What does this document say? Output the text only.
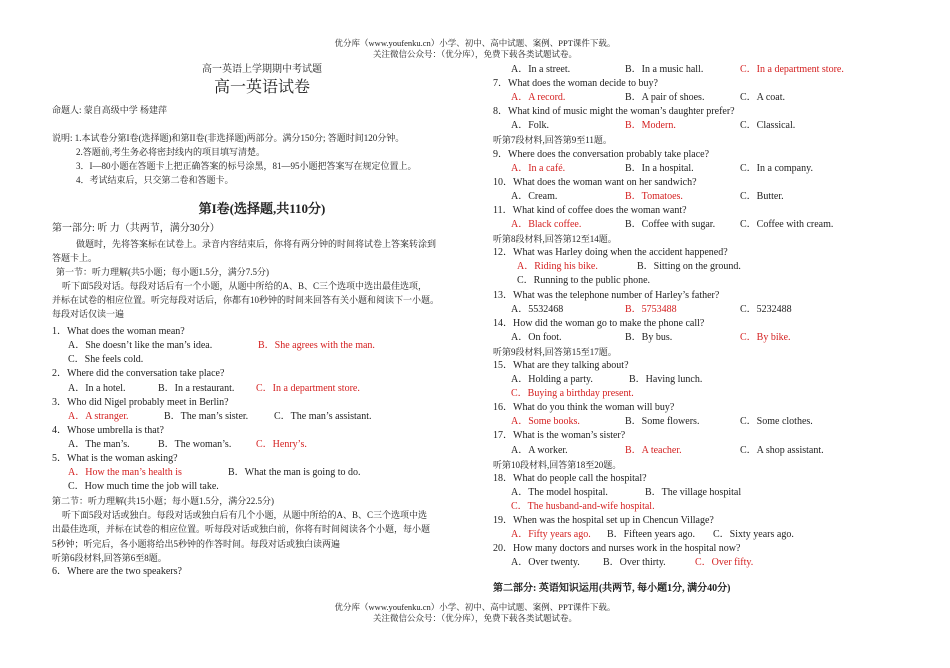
优分库（www.youfenku.cn）小学、初中、高中试题、案例、PPT课件下载。
关注微信公众号：（优分库），免费下载各类试题试卷。
高一英语上学期期中考试题
高一英语试卷
命题人: 蒙自高级中学 杨建萍
说明: 1.本试卷分第I卷(选择题)和第II卷(非选择题)两部分。满分150分; 答题时间120分钟。
2.答题前,考生务必将密封线内的项目填写清楚。
3．I—80小题在答题卡上把正确答案的标号涂黑，81—95小题把答案写在规定位置上。
4．考试结束后，只交第二卷和答题卡。
第I卷(选择题,共110分)
第一部分: 听 力（共两节，满分30分）
做题时，先将答案标在试卷上。录音内容结束后，你将有两分钟的时间将试卷上答案转涂到
答题卡上。
第一节：听力理解(共5小题；每小题1.5分，满分7.5分)
听下面5段对话。每段对话后有一个小题，从题中所给的A、B、C三个选项中选出最佳选项，
并标在试卷的相应位置。听完每段对话后，你都有10秒钟的时间来回答有关小题和阅读下一小题。
每段对话仅读一遍
1．What does the woman mean?
A．She doesn’t like the man’s idea.	B．She agrees with the man.
C．She feels cold.
2．Where did the conversation take place?
A．In a hotel.	B．In a restaurant. C．In a department store.
3．Who did Nigel probably meet in Berlin?
A．A stranger.	B．The man’s sister.	C．The man’s assistant.
4．Whose umbrella is that?
A．The man’s.	B．The woman’s. C．Henry’s.
5．What is the woman asking?
A．How the man’s health is	B．What the man is going to do.
C．How much time the job will take.
第二节：听力理解(共15小题；每小题1.5分，满分22.5分)
听下面5段对话或独白。每段对话或独白后有几个小题，从题中所给的A、B、C三个选项中选
出最佳选项，并标在试卷的相应位置。听每段对话或独白前，你将有时间阅读各个小题，每小题
5秒钟；听完后，各小题将给出5秒钟的作答时间。每段对话或独白读两遍
听第6段材料,回答第6至8题。
6．Where are the two speakers?
A．In a street.	B．In a music hall.	C．In a department store.
7．What does the woman decide to buy?
A．A record.	B．A pair of shoes.	C．A coat.
8．What kind of music might the woman’s daughter prefer?
A．Folk.	B．Modern.	C．Classical.
听第7段材料,回答第9至11题。
9．Where does the conversation probably take place?
A．In a café.	B．In a hospital.	C．In a company.
10．What does the woman want on her sandwich?
A．Cream.	B．Tomatoes.	C．Butter.
11．What kind of coffee does the woman want?
A．Black coffee.	B．Coffee with sugar. C．Coffee with cream.
听第8段材料,回答第12至14题。
12．What was Harley doing when the accident happened?
A．Riding his bike.	B．Sitting on the ground.
C．Running to the public phone.
13．What was the telephone number of Harley’s father?
A．5532468	B．5753488	C．5232488
14．How did the woman go to make the phone call?
A．On foot.	B．By bus.	C．By bike.
听第9段材料,回答第15至17题。
15．What are they talking about?
A．Holding a party.	B．Having lunch.
C．Buying a birthday present.
16．What do you think the woman will buy?
A．Some books.	B．Some flowers.	C．Some clothes.
17．What is the woman’s sister?
A．A worker.	B．A teacher.	C．A shop assistant.
听第10段材料,回答第18至20题。
18．What do people call the hospital?
A．The model hospital.	B．The village hospital
C．The husband-and-wife hospital.
19．When was the hospital set up in Chencun Village?
A．Fifty years ago. B．Fifteen years ago. C．Sixty years ago.
20．How many doctors and nurses work in the hospital now?
A．Over twenty. B．Over thirty.	C．Over fifty.
第二部分: 英语知识运用(共两节, 每小题1分, 满分40分)
优分库（www.youfenku.cn）小学、初中、高中试题、案例、PPT课件下载。
关注微信公众号：（优分库），免费下载各类试题试卷。
